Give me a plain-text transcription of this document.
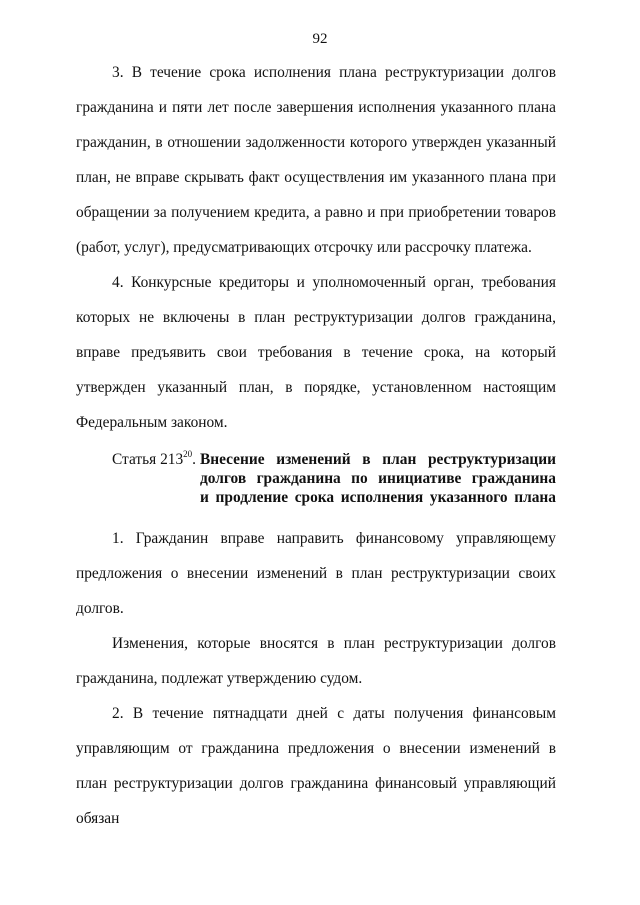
92

3. В течение срока исполнения плана реструктуризации долгов гражданина и пяти лет после завершения исполнения указанного плана гражданин, в отношении задолженности которого утвержден указанный план, не вправе скрывать факт осуществления им указанного плана при обращении за получением кредита, а равно и при приобретении товаров (работ, услуг), предусматривающих отсрочку или рассрочку платежа.

4. Конкурсные кредиторы и уполномоченный орган, требования которых не включены в план реструктуризации долгов гражданина, вправе предъявить свои требования в течение срока, на который утвержден указанный план, в порядке, установленном настоящим Федеральным законом.

Статья $213^{20}$. Внесение изменений в план реструктуризации
долгов гражданина по инициативе гражданина
и продление срока исполнения указанного плана

1. Гражданин вправе направить финансовому управляющему предложения о внесении изменений в план реструктуризации своих долгов.

Изменения, которые вносятся в план реструктуризации долгов гражданина, подлежат утверждению судом.

2. В течение пятнадцати дней с даты получения финансовым управляющим от гражданина предложения о внесении изменений в план реструктуризации долгов гражданина финансовый управляющий обязан
